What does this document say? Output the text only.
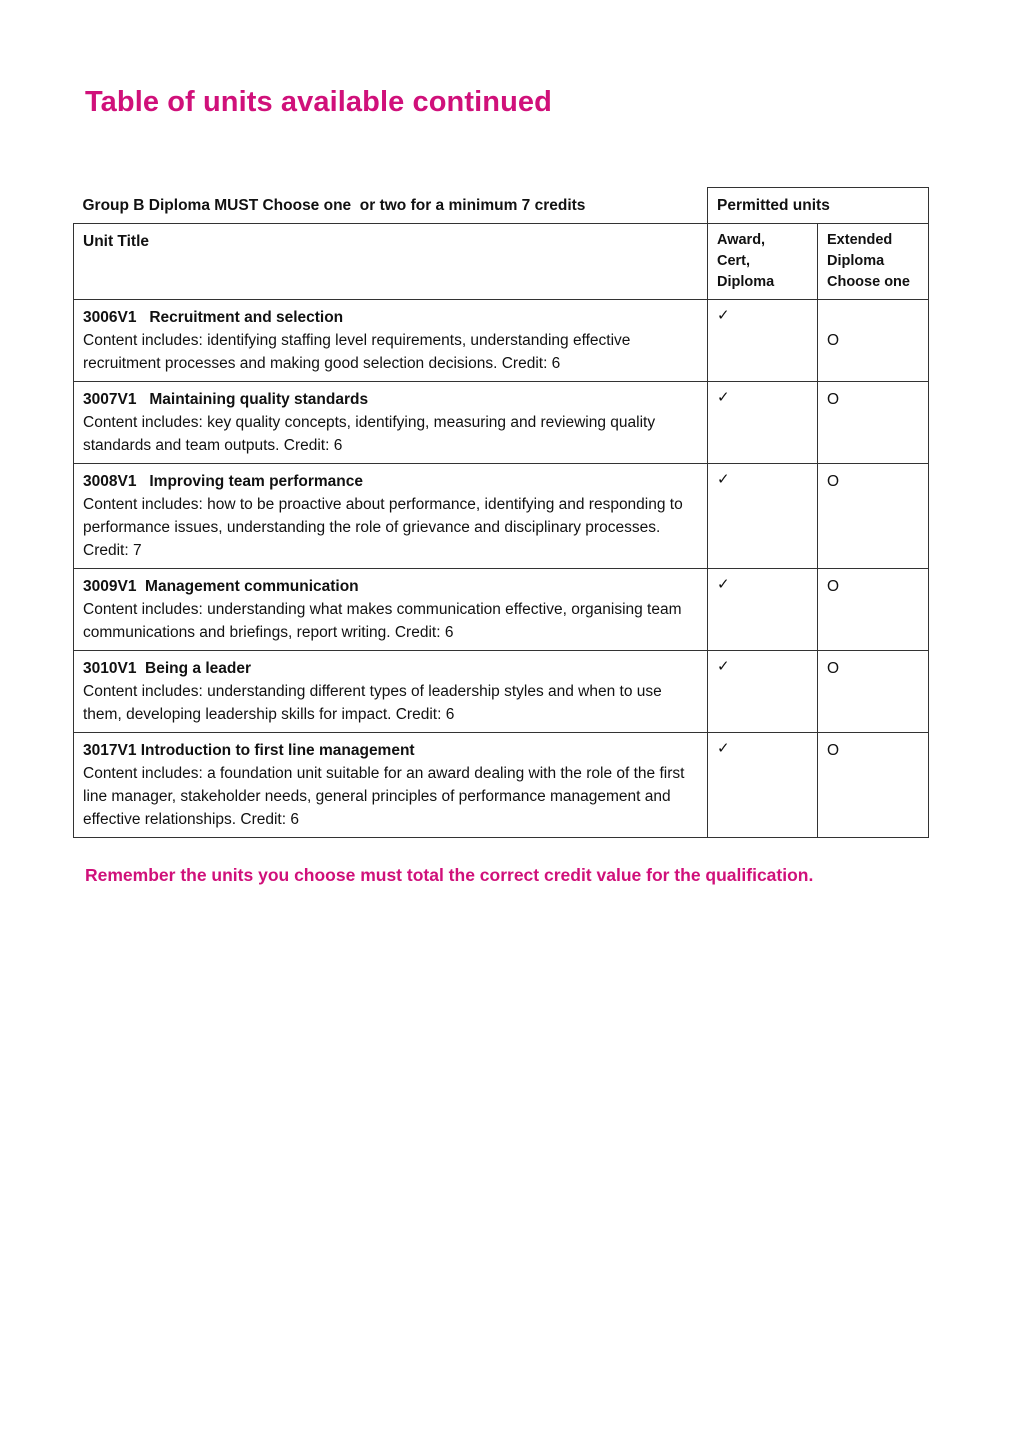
Table of units available continued
Group B Diploma MUST Choose one  or two for a minimum 7 credits	Permitted units	
Unit Title	Award,
Cert,
Diploma	Extended
Diploma
Choose one

3006V1   Recruitment and selection
Content includes: identifying staffing level requirements, understanding effective recruitment processes and making good selection decisions. Credit: 6	✓	O

3007V1   Maintaining quality standards
Content includes: key quality concepts, identifying, measuring and reviewing quality standards and team outputs. Credit: 6	✓	O

3008V1   Improving team performance
Content includes: how to be proactive about performance, identifying and responding to performance issues, understanding the role of grievance and disciplinary processes. Credit: 7	✓	O

3009V1  Management communication
Content includes: understanding what makes communication effective, organising team communications and briefings, report writing. Credit: 6	✓	O

3010V1  Being a leader
Content includes: understanding different types of leadership styles and when to use them, developing leadership skills for impact. Credit: 6	✓	O

3017V1 Introduction to first line management
Content includes: a foundation unit suitable for an award dealing with the role of the first line manager, stakeholder needs, general principles of performance management and effective relationships. Credit: 6	✓	O

Remember the units you choose must total the correct credit value for the qualification.
